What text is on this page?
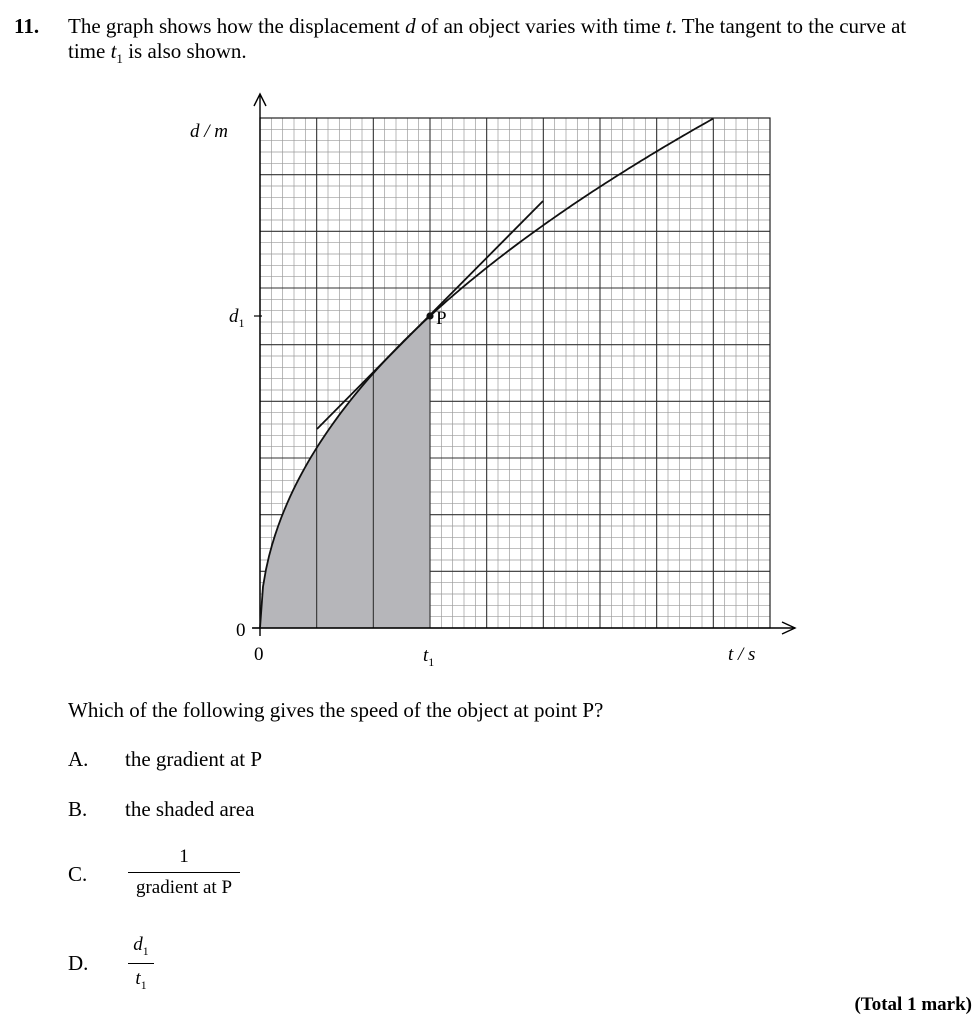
11. The graph shows how the displacement d of an object varies with time t. The tangent to the curve at time $t_1$ is also shown.
P
d / m
t / s
0
0
$d_1$
$t_1$
Which of the following gives the speed of the object at point P?
A. the gradient at P
B. the shaded area
C.
1
gradient at P
D.
$d_1$
$t_1$
(Total 1 mark)
